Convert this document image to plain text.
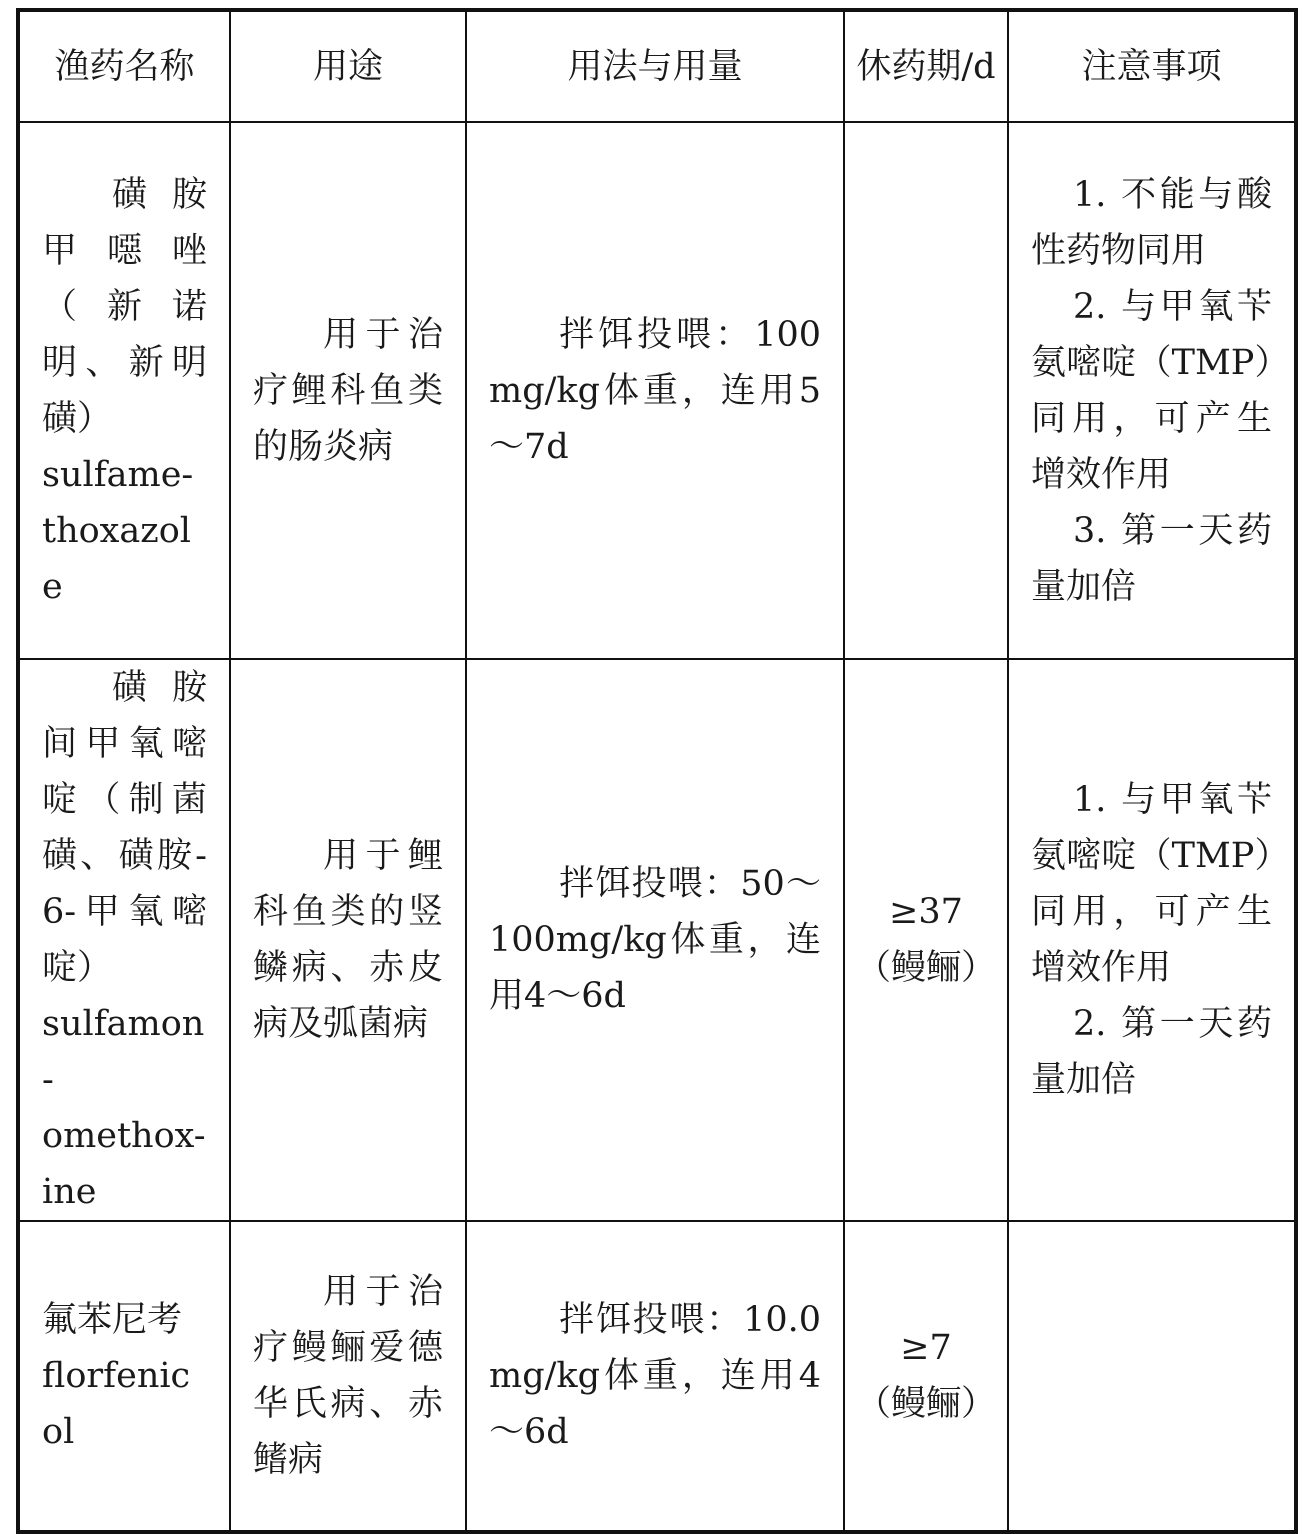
渔药名称	用途	用法与用量	休药期/d	注意事项

磺胺甲噁唑（新诺明、新明磺）
sulfame-
thoxazole	用于治疗鲤科鱼类的肠炎病	拌饵投喂：100mg/kg体重，连用5～7d		1. 不能与酸性药物同用
2. 与甲氧苄氨嘧啶（TMP）同用，可产生增效作用
3. 第一天药量加倍

磺胺间甲氧嘧啶（制菌磺、磺胺-6-甲氧嘧啶）
sulfamon-
omethox-
ine	用于鲤科鱼类的竖鳞病、赤皮病及弧菌病	拌饵投喂：50～100mg/kg体重，连用4～6d	≥37
（鳗鲡）	1. 与甲氧苄氨嘧啶（TMP）同用，可产生增效作用
2. 第一天药量加倍

氟苯尼考
florfenicol	用于治疗鳗鲡爱德华氏病、赤鳍病	拌饵投喂：10.0mg/kg体重，连用4～6d	≥7
（鳗鲡）	
